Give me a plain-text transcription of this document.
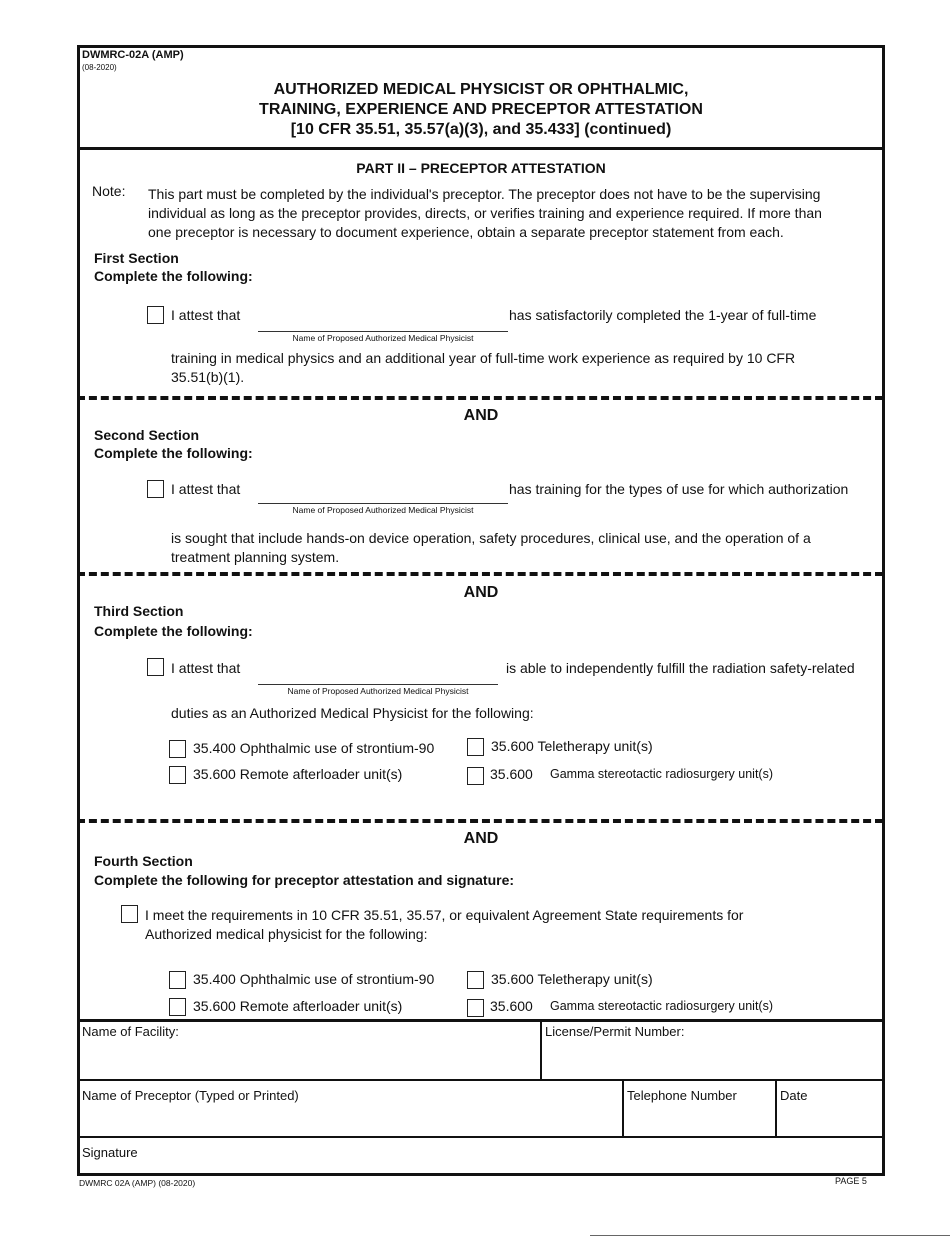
DWMRC-02A (AMP)
(08-2020)
AUTHORIZED MEDICAL PHYSICIST OR OPHTHALMIC,
TRAINING, EXPERIENCE AND PRECEPTOR ATTESTATION
[10 CFR 35.51, 35.57(a)(3), and 35.433] (continued)
PART II – PRECEPTOR ATTESTATION
Note: This part must be completed by the individual's preceptor. The preceptor does not have to be the supervising
individual as long as the preceptor provides, directs, or verifies training and experience required. If more than
one preceptor is necessary to document experience, obtain a separate preceptor statement from each.
First Section
Complete the following:
I attest that
Name of Proposed Authorized Medical Physicist
has satisfactorily completed the 1-year of full-time
training in medical physics and an additional year of full-time work experience as required by 10 CFR
35.51(b)(1).
AND
Second Section
Complete the following:
I attest that
Name of Proposed Authorized Medical Physicist
has training for the types of use for which authorization
is sought that include hands-on device operation, safety procedures, clinical use, and the operation of a
treatment planning system.
AND
Third Section
Complete the following:
I attest that
Name of Proposed Authorized Medical Physicist
is able to independently fulfill the radiation safety-related
duties as an Authorized Medical Physicist for the following:
35.400 Ophthalmic use of strontium-90	35.600 Teletherapy unit(s)
35.600 Remote afterloader unit(s)	35.600 Gamma stereotactic radiosurgery unit(s)
AND
Fourth Section
Complete the following for preceptor attestation and signature:
I meet the requirements in 10 CFR 35.51, 35.57, or equivalent Agreement State requirements for
Authorized medical physicist for the following:
35.400 Ophthalmic use of strontium-90	35.600 Teletherapy unit(s)
35.600 Remote afterloader unit(s)	35.600 Gamma stereotactic radiosurgery unit(s)
Name of Facility:	License/Permit Number:
Name of Preceptor (Typed or Printed)	Telephone Number	Date
Signature
DWMRC 02A (AMP) (08-2020)	PAGE 5
